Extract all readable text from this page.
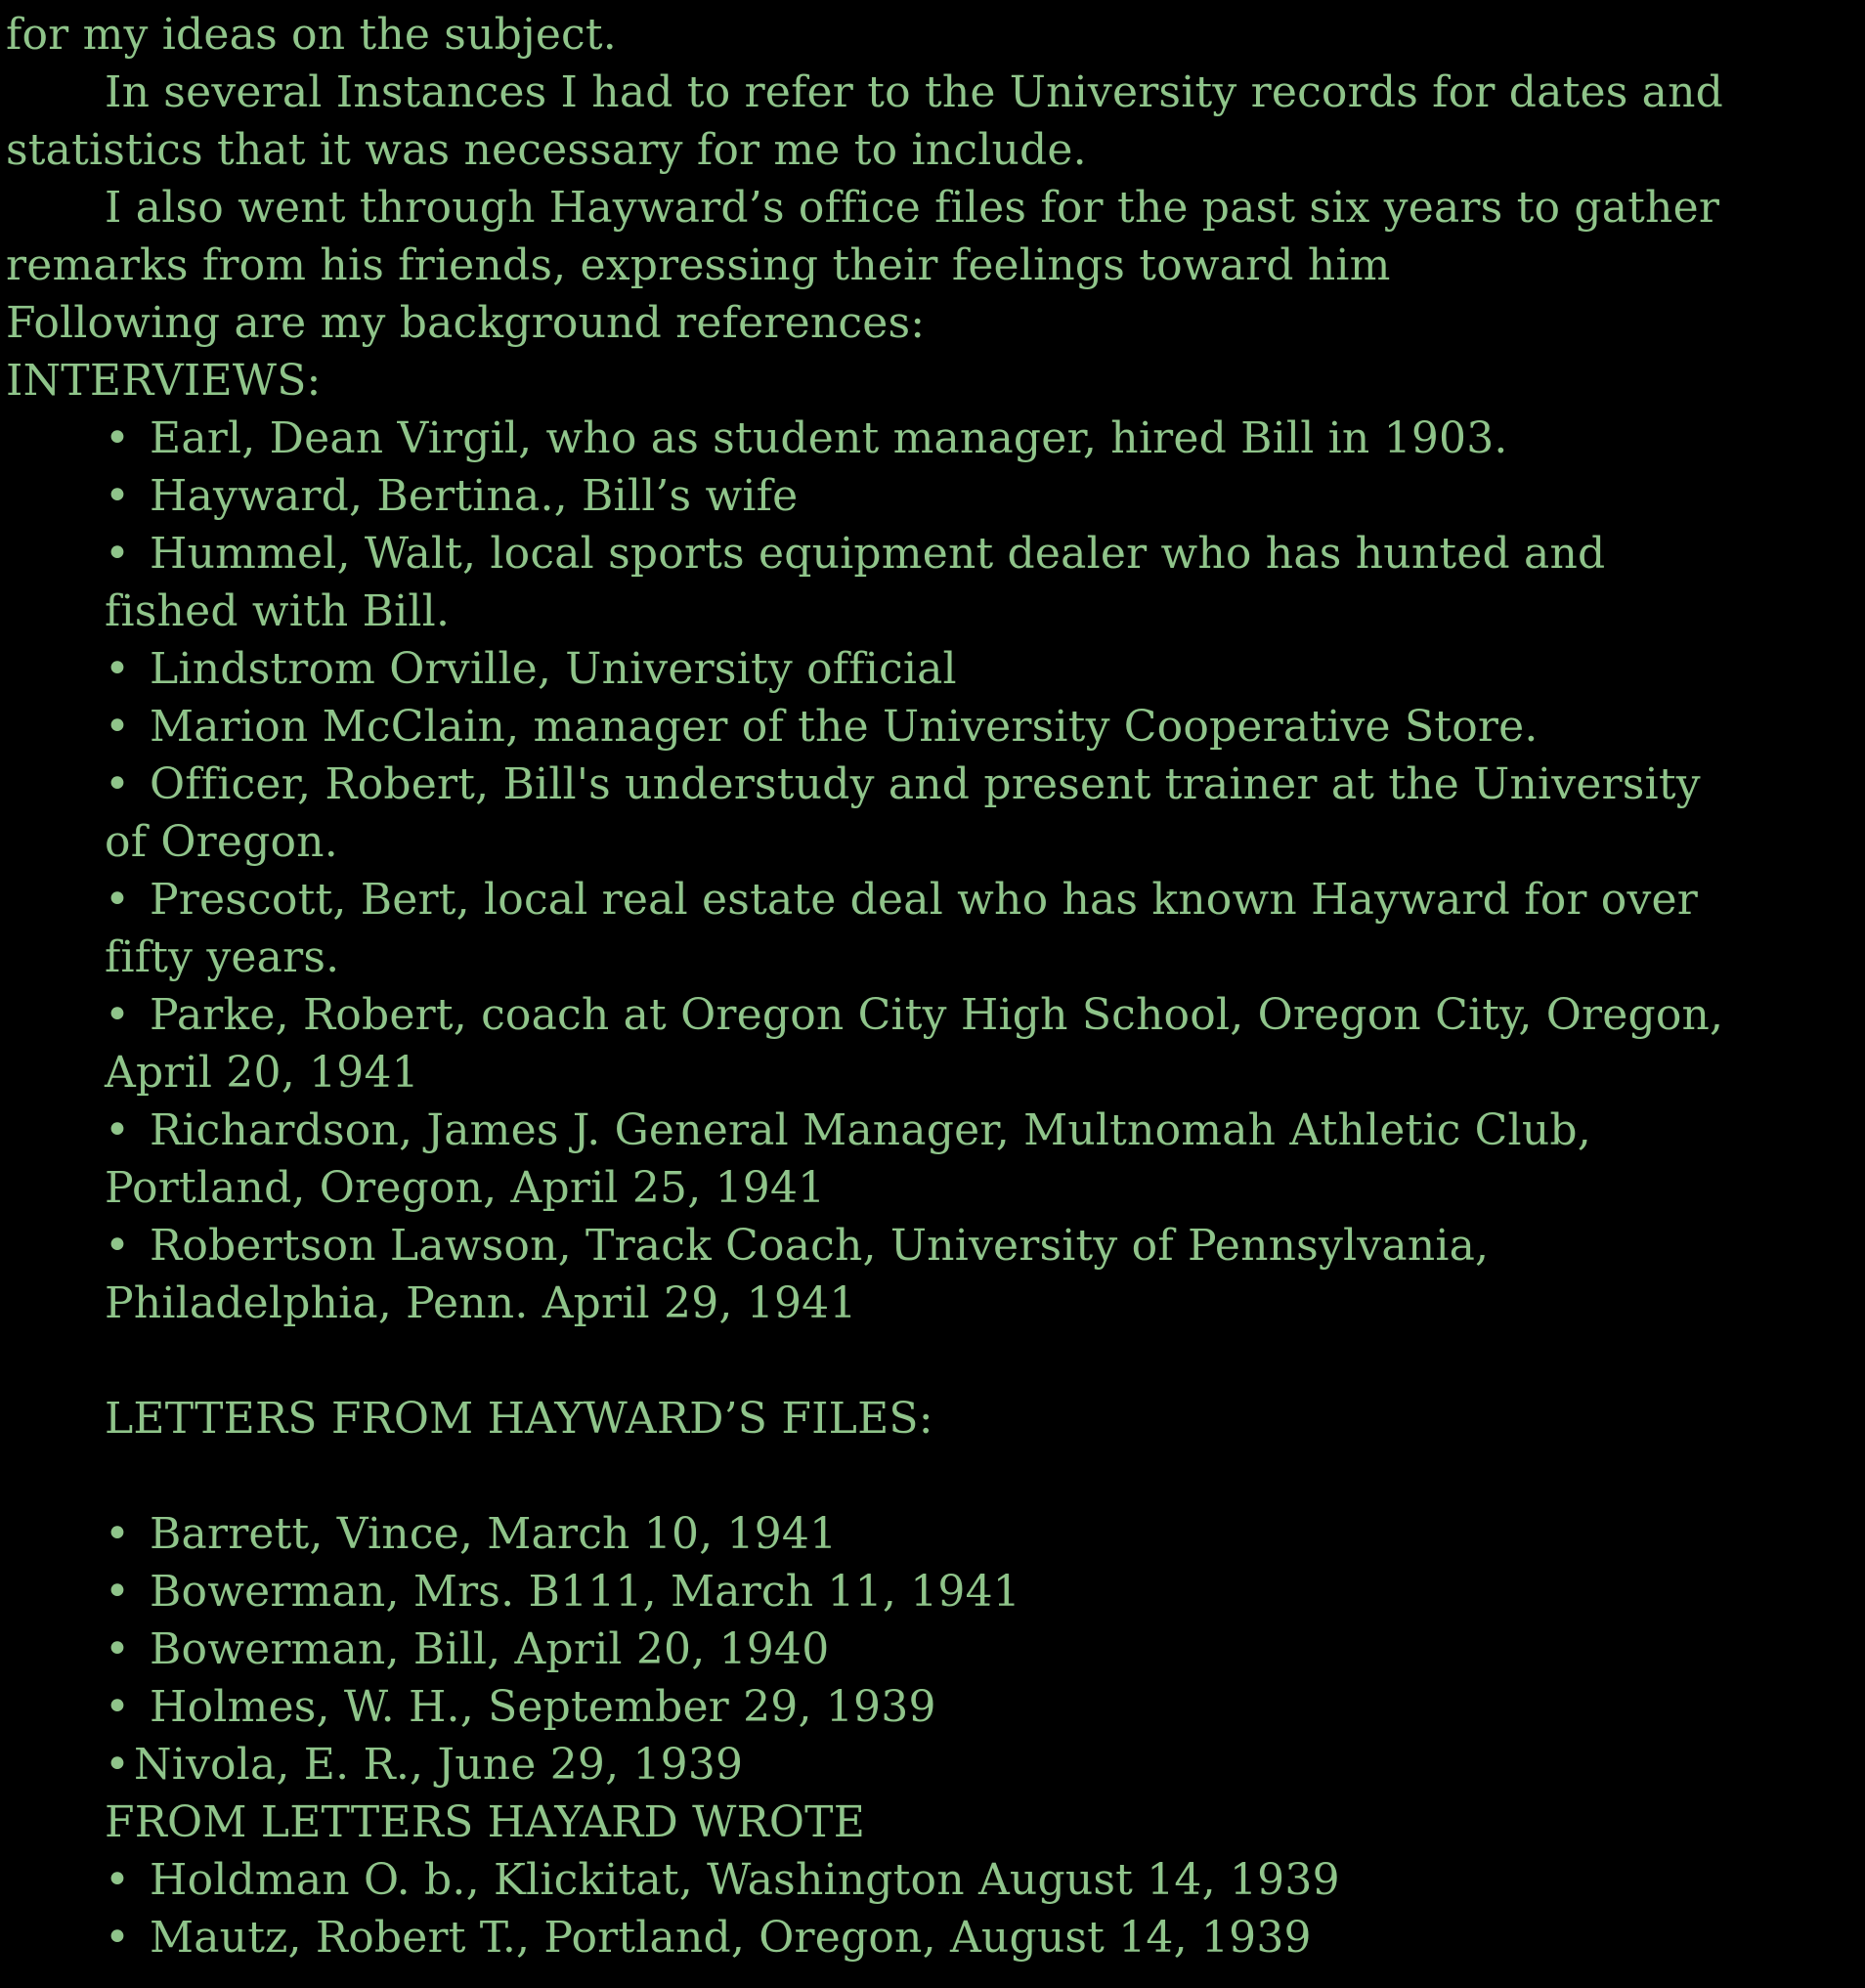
for my ideas on the subject.
In several Instances I had to refer to the University records for dates and
statistics that it was necessary for me to include.
I also went through Hayward’s office files for the past six years to gather
remarks from his friends, expressing their feelings toward him
Following are my background references:
INTERVIEWS:
• Earl, Dean Virgil, who as student manager, hired Bill in 1903.
• Hayward, Bertina., Bill’s wife
• Hummel, Walt, local sports equipment dealer who has hunted and
fished with Bill.
• Lindstrom Orville, University official
• Marion McClain, manager of the University Cooperative Store.
• Officer, Robert, Bill's understudy and present trainer at the University
of Oregon.
• Prescott, Bert, local real estate deal who has known Hayward for over
fifty years.
• Parke, Robert, coach at Oregon City High School, Oregon City, Oregon,
April 20, 1941
• Richardson, James J. General Manager, Multnomah Athletic Club,
Portland, Oregon, April 25, 1941
• Robertson Lawson, Track Coach, University of Pennsylvania,
Philadelphia, Penn. April 29, 1941
LETTERS FROM HAYWARD’S FILES:
• Barrett, Vince, March 10, 1941
• Bowerman, Mrs. B111, March 11, 1941
• Bowerman, Bill, April 20, 1940
• Holmes, W. H., September 29, 1939
•Nivola, E. R., June 29, 1939
FROM LETTERS HAYARD WROTE
• Holdman O. b., Klickitat, Washington August 14, 1939
• Mautz, Robert T., Portland, Oregon, August 14, 1939
